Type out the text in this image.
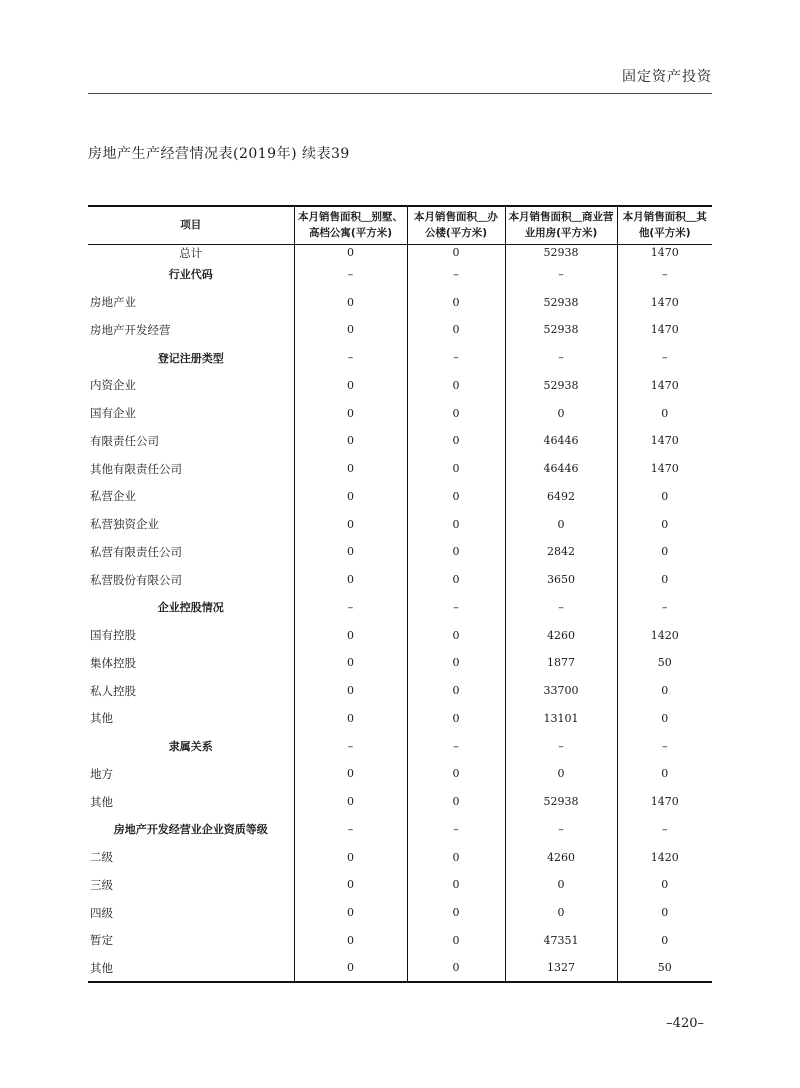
固定资产投资
房地产生产经营情况表(2019年) 续表39
项目	本月销售面积＿别墅、高档公寓(平方米)	本月销售面积＿办公楼(平方米)	本月销售面积＿商业营业用房(平方米)	本月销售面积＿其他(平方米)
总计	0	0	52938	1470
行业代码	–	–	–	–
房地产业	0	0	52938	1470
房地产开发经营	0	0	52938	1470
登记注册类型	–	–	–	–
内资企业	0	0	52938	1470
国有企业	0	0	0	0
有限责任公司	0	0	46446	1470
其他有限责任公司	0	0	46446	1470
私营企业	0	0	6492	0
私营独资企业	0	0	0	0
私营有限责任公司	0	0	2842	0
私营股份有限公司	0	0	3650	0
企业控股情况	–	–	–	–
国有控股	0	0	4260	1420
集体控股	0	0	1877	50
私人控股	0	0	33700	0
其他	0	0	13101	0
隶属关系	–	–	–	–
地方	0	0	0	0
其他	0	0	52938	1470
房地产开发经营业企业资质等级	–	–	–	–
二级	0	0	4260	1420
三级	0	0	0	0
四级	0	0	0	0
暂定	0	0	47351	0
其他	0	0	1327	50
–420–
